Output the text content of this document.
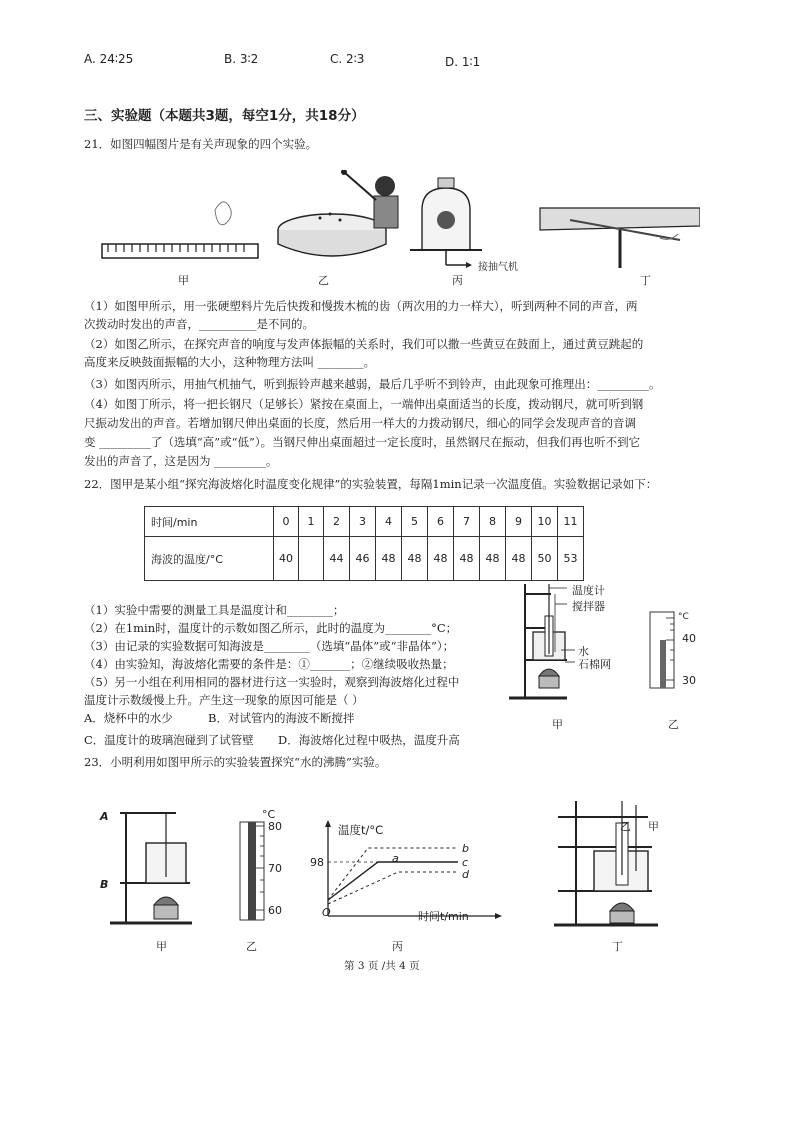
A. 24∶25	B. 3∶2	C. 2∶3	D. 1∶1
三、实验题（本题共3题，每空1分，共18分）
21．如图四幅图片是有关声现象的四个实验。
甲	乙	丙	丁
接抽气机
（1）如图甲所示，用一张硬塑料片先后快拨和慢拨木梳的齿（两次用的力一样大），听到两种不同的声音，两
次拨动时发出的声音，__________是不同的。
（2）如图乙所示，在探究声音的响度与发声体振幅的关系时，我们可以撒一些黄豆在鼓面上，通过黄豆跳起的
高度来反映鼓面振幅的大小，这种物理方法叫 ________。
（3）如图丙所示，用抽气机抽气，听到振铃声越来越弱，最后几乎听不到铃声，由此现象可推理出：_________。
（4）如图丁所示，将一把长钢尺（足够长）紧按在桌面上，一端伸出桌面适当的长度，拨动钢尺，就可听到钢
尺振动发出的声音。若增加钢尺伸出桌面的长度，然后用一样大的力拨动钢尺，细心的同学会发现声音的音调
变 _________了（选填“高”或“低”）。当钢尺伸出桌面超过一定长度时，虽然钢尺在振动，但我们再也听不到它
发出的声音了，这是因为 _________。
22．图甲是某小组“探究海波熔化时温度变化规律”的实验装置，每隔1min记录一次温度值。实验数据记录如下：
时间/min	0	1	2	3	4	5	6	7	8	9	10	11
海波的温度/°C	40		44	46	48	48	48	48	48	48	50	53
（1）实验中需要的测量工具是温度计和________；
（2）在1min时，温度计的示数如图乙所示，此时的温度为________°C；
（3）由记录的实验数据可知海波是________（选填“晶体”或“非晶体”）；
（4）由实验知，海波熔化需要的条件是：①_______；②继续吸收热量；
（5）另一小组在利用相同的器材进行这一实验时，观察到海波熔化过程中
温度计示数缓慢上升。产生这一现象的原因可能是（ ）
A．烧杯中的水少	B．对试管内的海波不断搅拌
C．温度计的玻璃泡碰到了试管壁 D．海波熔化过程中吸热，温度升高
温度计
搅拌器
水
石棉网
甲
°C
40
30
乙
23．小明利用如图甲所示的实验装置探究“水的沸腾”实验。
A
B
甲
°C
80
70
60
乙
温度t/°C
98
O	时间t/min
a
b
c
d
丙
乙 甲
丁
第 3 页 /共 4 页
